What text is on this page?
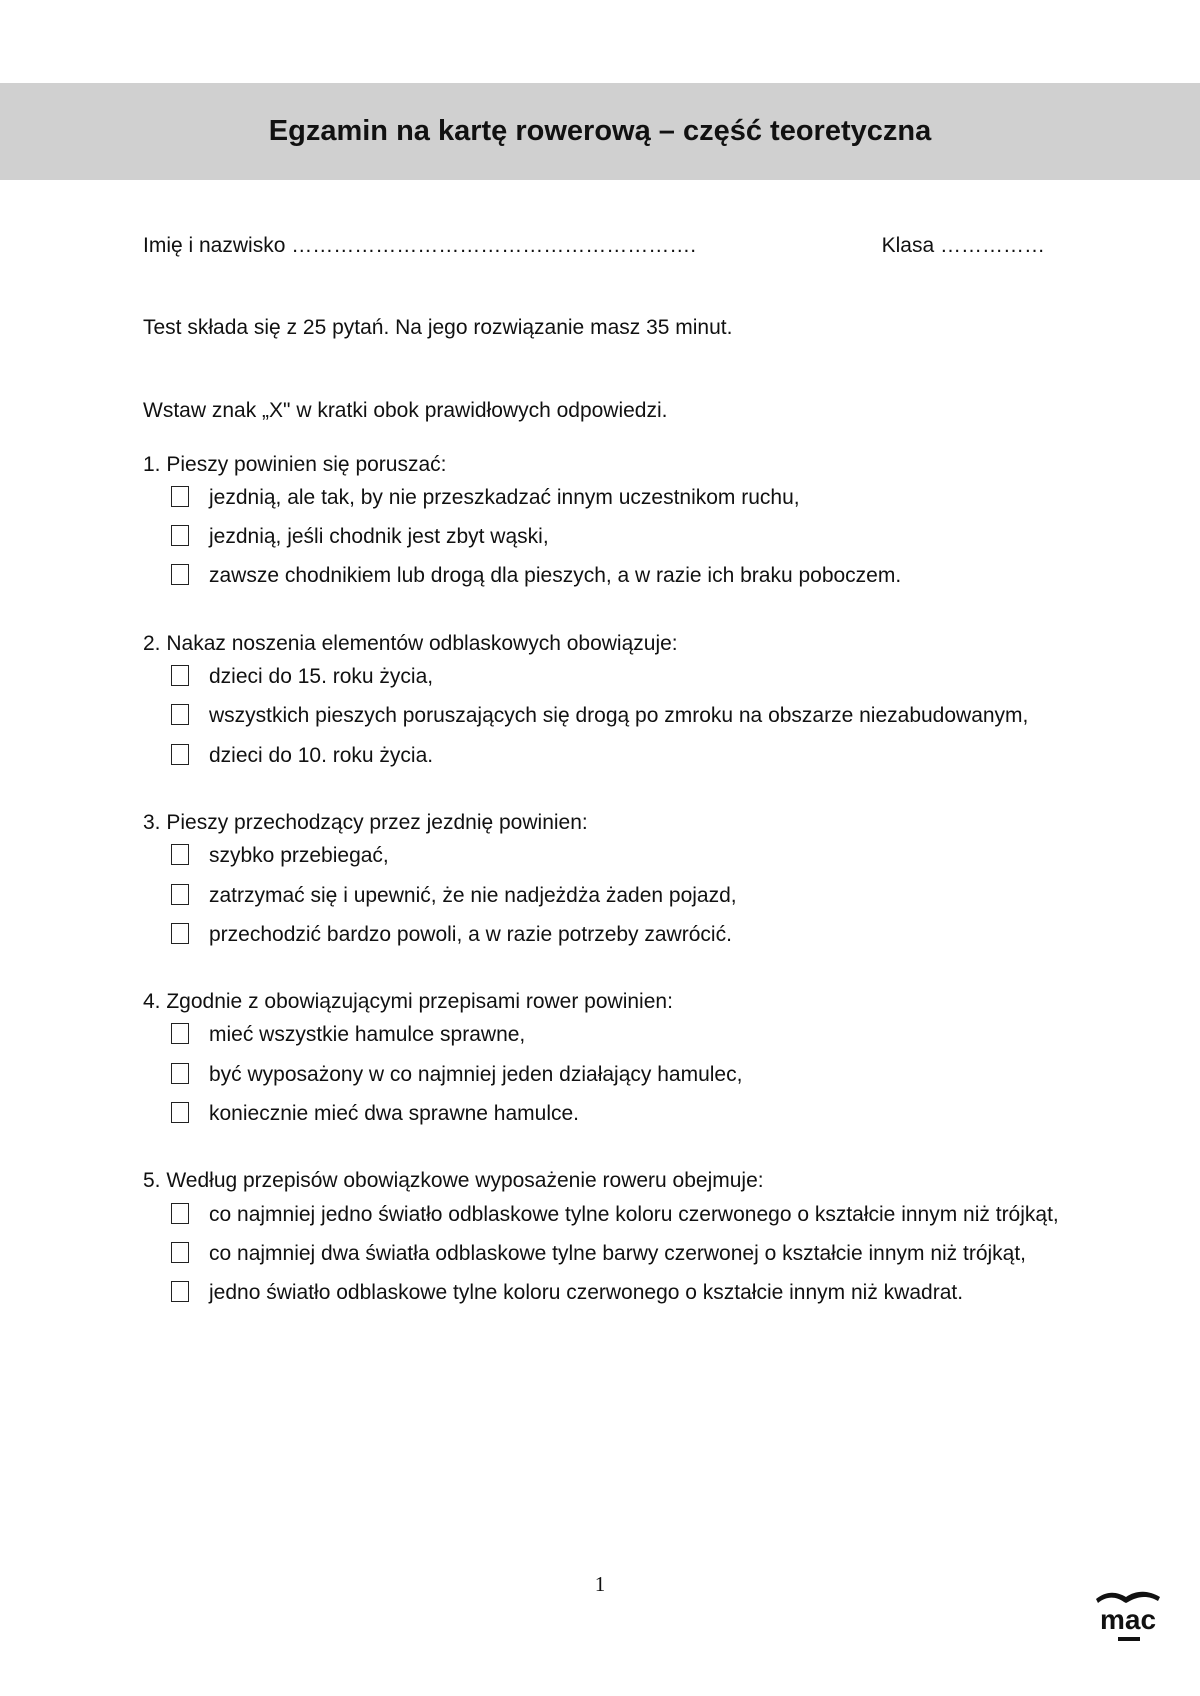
Egzamin na kartę rowerową – część teoretyczna
Imię i nazwisko ………………………………………………….	Klasa ……………
Test składa się z 25 pytań. Na jego rozwiązanie masz 35 minut.
Wstaw znak „X" w kratki obok prawidłowych odpowiedzi.
1. Pieszy powinien się poruszać:
jezdnią, ale tak, by nie przeszkadzać innym uczestnikom ruchu,
jezdnią, jeśli chodnik jest zbyt wąski,
zawsze chodnikiem lub drogą dla pieszych, a w razie ich braku poboczem.
2. Nakaz noszenia elementów odblaskowych obowiązuje:
dzieci do 15. roku życia,
wszystkich pieszych poruszających się drogą po zmroku na obszarze niezabudowanym,
dzieci do 10. roku życia.
3. Pieszy przechodzący przez jezdnię powinien:
szybko przebiegać,
zatrzymać się i upewnić, że nie nadjeżdża żaden pojazd,
przechodzić bardzo powoli, a w razie potrzeby zawrócić.
4. Zgodnie z obowiązującymi przepisami rower powinien:
mieć wszystkie hamulce sprawne,
być wyposażony w co najmniej jeden działający hamulec,
koniecznie mieć dwa sprawne hamulce.
5. Według przepisów obowiązkowe wyposażenie roweru obejmuje:
co najmniej jedno światło odblaskowe tylne koloru czerwonego o kształcie innym niż trójkąt,
co najmniej dwa światła odblaskowe tylne barwy czerwonej o kształcie innym niż trójkąt,
jedno światło odblaskowe tylne koloru czerwonego o kształcie innym niż kwadrat.
1
mac
